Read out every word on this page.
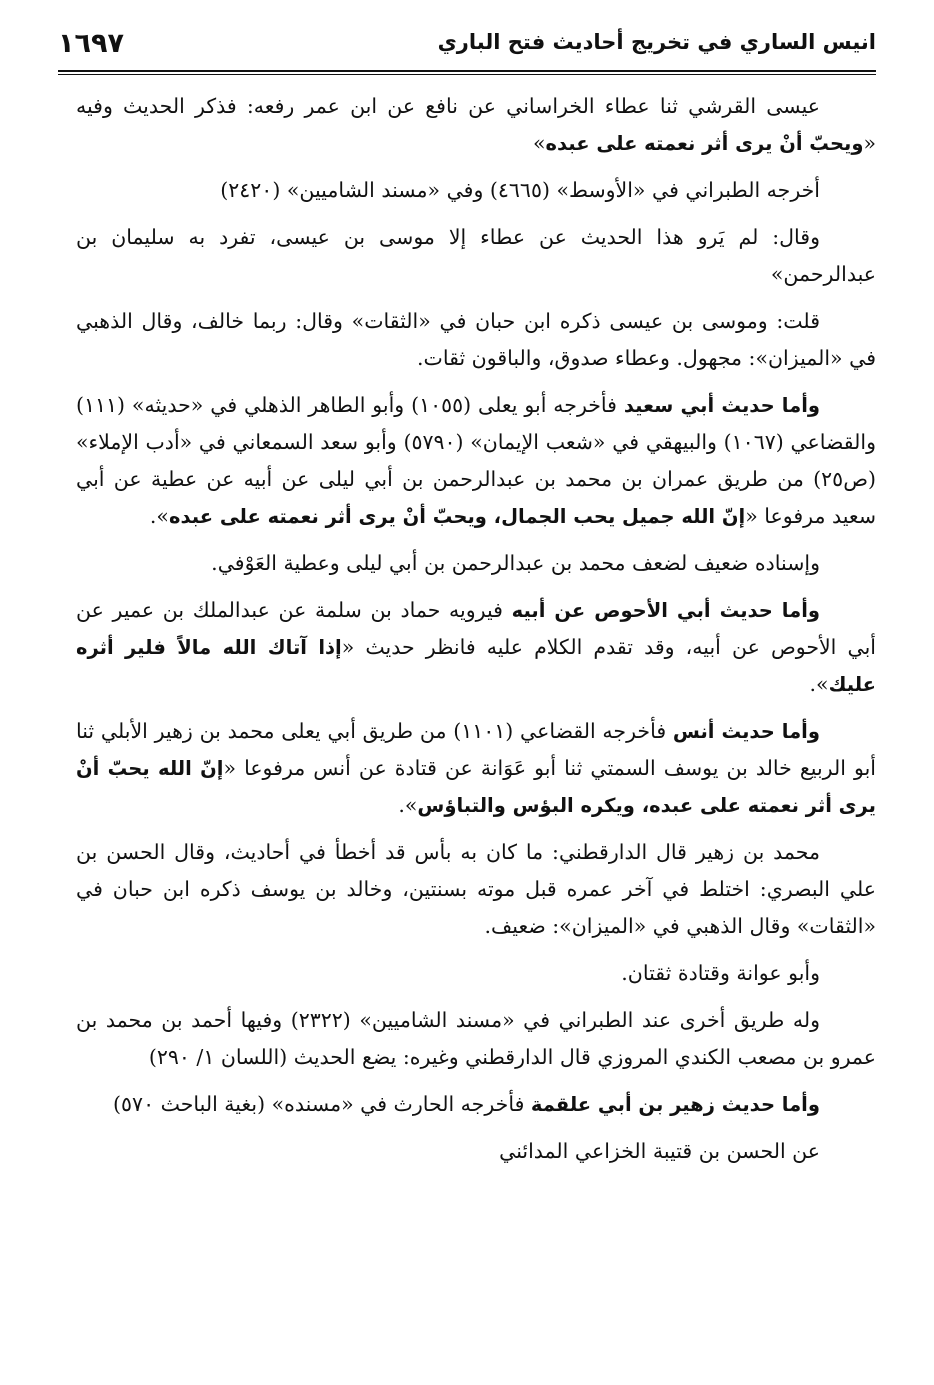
١٦٩٧	انيس الساري في تخريج أحاديث فتح الباري

عيسى القرشي ثنا عطاء الخراساني عن نافع عن ابن عمر رفعه: فذكر الحديث وفيه «ويحبّ أنْ يرى أثر نعمته على عبده»

أخرجه الطبراني في «الأوسط» (٤٦٦٥) وفي «مسند الشاميين» (٢٤٢٠)

وقال: لم يَرو هذا الحديث عن عطاء إلا موسى بن عيسى، تفرد به سليمان بن عبدالرحمن»

قلت: وموسى بن عيسى ذكره ابن حبان في «الثقات» وقال: ربما خالف، وقال الذهبي في «الميزان»: مجهول. وعطاء صدوق، والباقون ثقات.

وأما حديث أبي سعيد فأخرجه أبو يعلى (١٠٥٥) وأبو الطاهر الذهلي في «حديثه» (١١١) والقضاعي (١٠٦٧) والبيهقي في «شعب الإيمان» (٥٧٩٠) وأبو سعد السمعاني في «أدب الإملاء» (ص٢٥) من طريق عمران بن محمد بن عبدالرحمن بن أبي ليلى عن أبيه عن عطية عن أبي سعيد مرفوعا «إنّ الله جميل يحب الجمال، ويحبّ أنْ يرى أثر نعمته على عبده».

وإسناده ضعيف لضعف محمد بن عبدالرحمن بن أبي ليلى وعطية العَوْفي.

وأما حديث أبي الأحوص عن أبيه فيرويه حماد بن سلمة عن عبدالملك بن عمير عن أبي الأحوص عن أبيه، وقد تقدم الكلام عليه فانظر حديث «إذا آتاك الله مالاً فلير أثره عليك».

وأما حديث أنس فأخرجه القضاعي (١١٠١) من طريق أبي يعلى محمد بن زهير الأبلي ثنا أبو الربيع خالد بن يوسف السمتي ثنا أبو عَوَانة عن قتادة عن أنس مرفوعا «إنّ الله يحبّ أنْ يرى أثر نعمته على عبده، ويكره البؤس والتباؤس».

محمد بن زهير قال الدارقطني: ما كان به بأس قد أخطأ في أحاديث، وقال الحسن بن علي البصري: اختلط في آخر عمره قبل موته بسنتين، وخالد بن يوسف ذكره ابن حبان في «الثقات» وقال الذهبي في «الميزان»: ضعيف.

وأبو عوانة وقتادة ثقتان.

وله طريق أخرى عند الطبراني في «مسند الشاميين» (٢٣٢٢) وفيها أحمد بن محمد بن عمرو بن مصعب الكندي المروزي قال الدارقطني وغيره: يضع الحديث (اللسان ١/ ٢٩٠)

وأما حديث زهير بن أبي علقمة فأخرجه الحارث في «مسنده» (بغية الباحث ٥٧٠)

عن الحسن بن قتيبة الخزاعي المدائني
